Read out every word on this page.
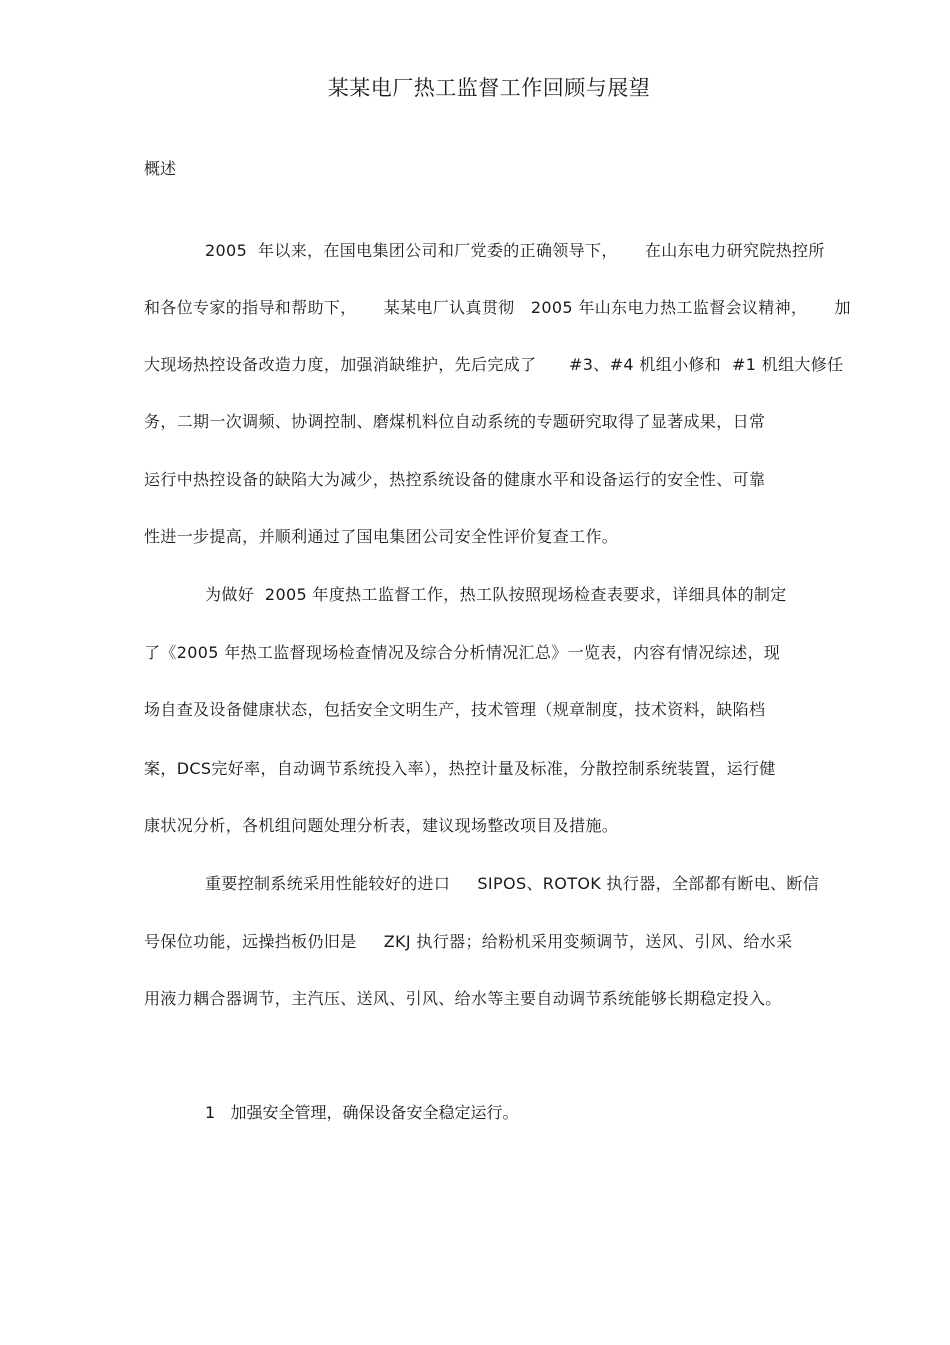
某某电厂热工监督工作回顾与展望

概述

2005  年以来，在国电集团公司和厂党委的正确领导下，     在山东电力研究院热控所

和各位专家的指导和帮助下，     某某电厂认真贯彻   2005 年山东电力热工监督会议精神，     加

大现场热控设备改造力度，加强消缺维护，先后完成了      #3、#4 机组小修和  #1 机组大修任

务，二期一次调频、协调控制、磨煤机料位自动系统的专题研究取得了显著成果，日常

运行中热控设备的缺陷大为减少，热控系统设备的健康水平和设备运行的安全性、可靠

性进一步提高，并顺利通过了国电集团公司安全性评价复查工作。

为做好  2005 年度热工监督工作，热工队按照现场检查表要求，详细具体的制定

了《2005 年热工监督现场检查情况及综合分析情况汇总》一览表，内容有情况综述，现

场自查及设备健康状态，包括安全文明生产，技术管理（规章制度，技术资料，缺陷档

案，DCS完好率，自动调节系统投入率），热控计量及标准，分散控制系统装置，运行健

康状况分析，各机组问题处理分析表，建议现场整改项目及措施。

重要控制系统采用性能较好的进口     SIPOS、ROTOK 执行器，全部都有断电、断信

号保位功能，远操挡板仍旧是     ZKJ 执行器；给粉机采用变频调节，送风、引风、给水采

用液力耦合器调节，主汽压、送风、引风、给水等主要自动调节系统能够长期稳定投入。

1   加强安全管理，确保设备安全稳定运行。
